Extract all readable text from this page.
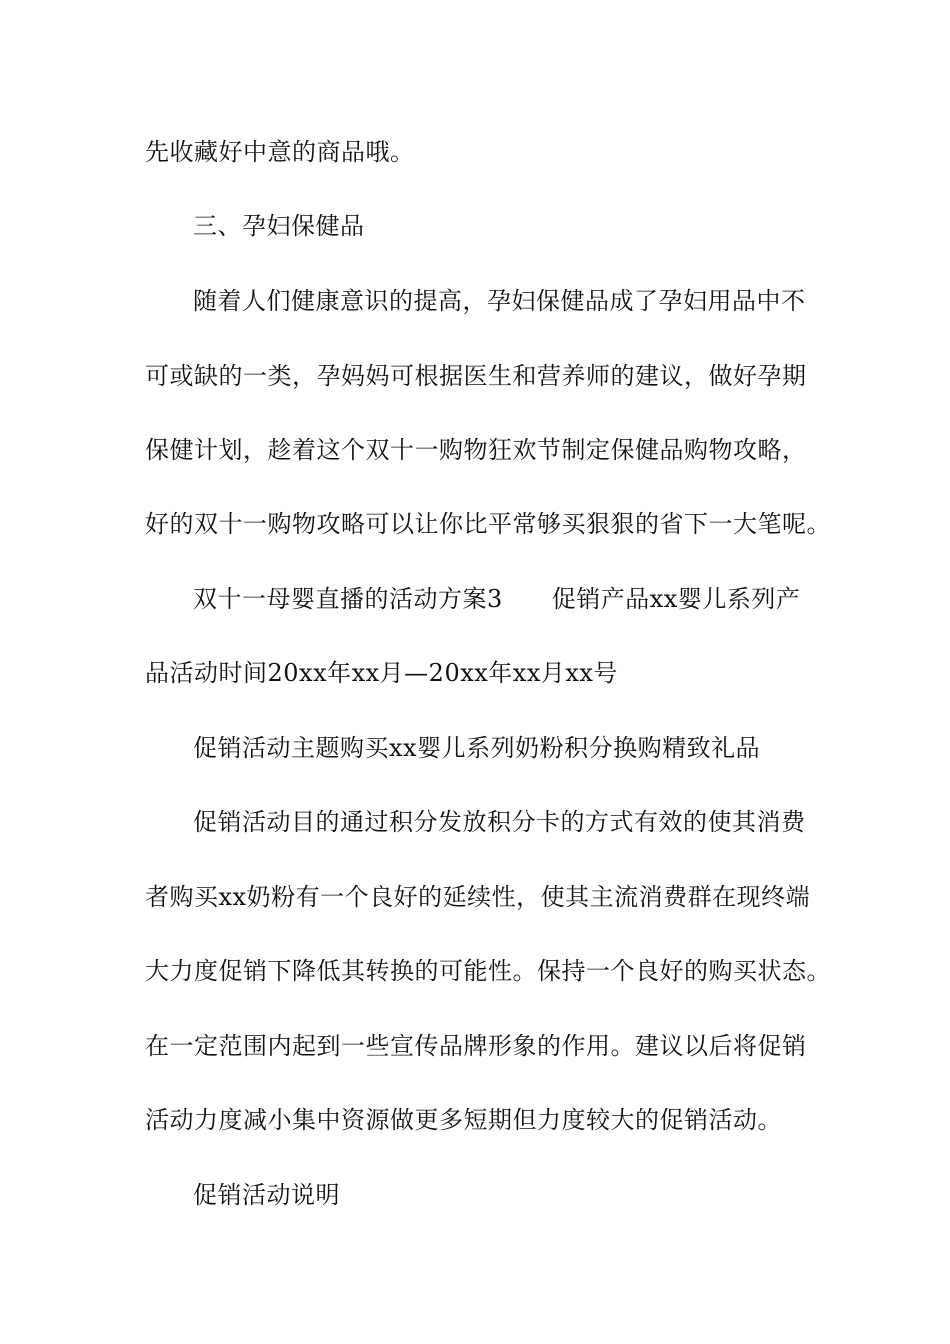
先收藏好中意的商品哦。
三、孕妇保健品
随着人们健康意识的提高，孕妇保健品成了孕妇用品中不
可或缺的一类，孕妈妈可根据医生和营养师的建议，做好孕期
保健计划，趁着这个双十一购物狂欢节制定保健品购物攻略，
好的双十一购物攻略可以让你比平常够买狠狠的省下一大笔呢。
双十一母婴直播的活动方案3　　促销产品xx婴儿系列产
品活动时间20xx年xx月—20xx年xx月xx号
促销活动主题购买xx婴儿系列奶粉积分换购精致礼品
促销活动目的通过积分发放积分卡的方式有效的使其消费
者购买xx奶粉有一个良好的延续性，使其主流消费群在现终端
大力度促销下降低其转换的可能性。保持一个良好的购买状态。
在一定范围内起到一些宣传品牌形象的作用。建议以后将促销
活动力度减小集中资源做更多短期但力度较大的促销活动。
促销活动说明
